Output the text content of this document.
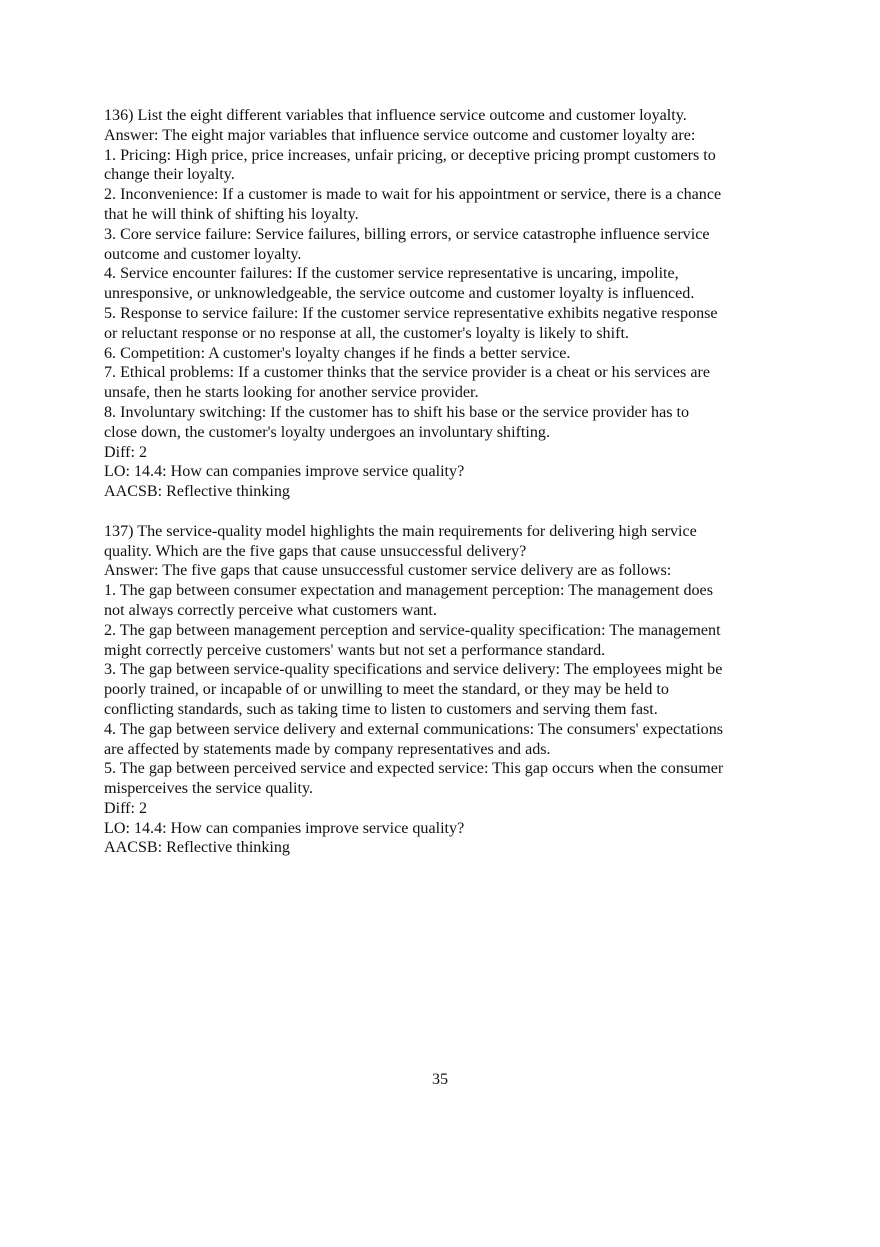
136) List the eight different variables that influence service outcome and customer loyalty.
Answer: The eight major variables that influence service outcome and customer loyalty are:
1. Pricing: High price, price increases, unfair pricing, or deceptive pricing prompt customers to
change their loyalty.
2. Inconvenience: If a customer is made to wait for his appointment or service, there is a chance
that he will think of shifting his loyalty.
3. Core service failure: Service failures, billing errors, or service catastrophe influence service
outcome and customer loyalty.
4. Service encounter failures: If the customer service representative is uncaring, impolite,
unresponsive, or unknowledgeable, the service outcome and customer loyalty is influenced.
5. Response to service failure: If the customer service representative exhibits negative response
or reluctant response or no response at all, the customer's loyalty is likely to shift.
6. Competition: A customer's loyalty changes if he finds a better service.
7. Ethical problems: If a customer thinks that the service provider is a cheat or his services are
unsafe, then he starts looking for another service provider.
8. Involuntary switching: If the customer has to shift his base or the service provider has to
close down, the customer's loyalty undergoes an involuntary shifting.
Diff: 2
LO: 14.4: How can companies improve service quality?
AACSB: Reflective thinking
137) The service-quality model highlights the main requirements for delivering high service
quality. Which are the five gaps that cause unsuccessful delivery?
Answer: The five gaps that cause unsuccessful customer service delivery are as follows:
1. The gap between consumer expectation and management perception: The management does
not always correctly perceive what customers want.
2. The gap between management perception and service-quality specification: The management
might correctly perceive customers' wants but not set a performance standard.
3. The gap between service-quality specifications and service delivery: The employees might be
poorly trained, or incapable of or unwilling to meet the standard, or they may be held to
conflicting standards, such as taking time to listen to customers and serving them fast.
4. The gap between service delivery and external communications: The consumers' expectations
are affected by statements made by company representatives and ads.
5. The gap between perceived service and expected service: This gap occurs when the consumer
misperceives the service quality.
Diff: 2
LO: 14.4: How can companies improve service quality?
AACSB: Reflective thinking
35
